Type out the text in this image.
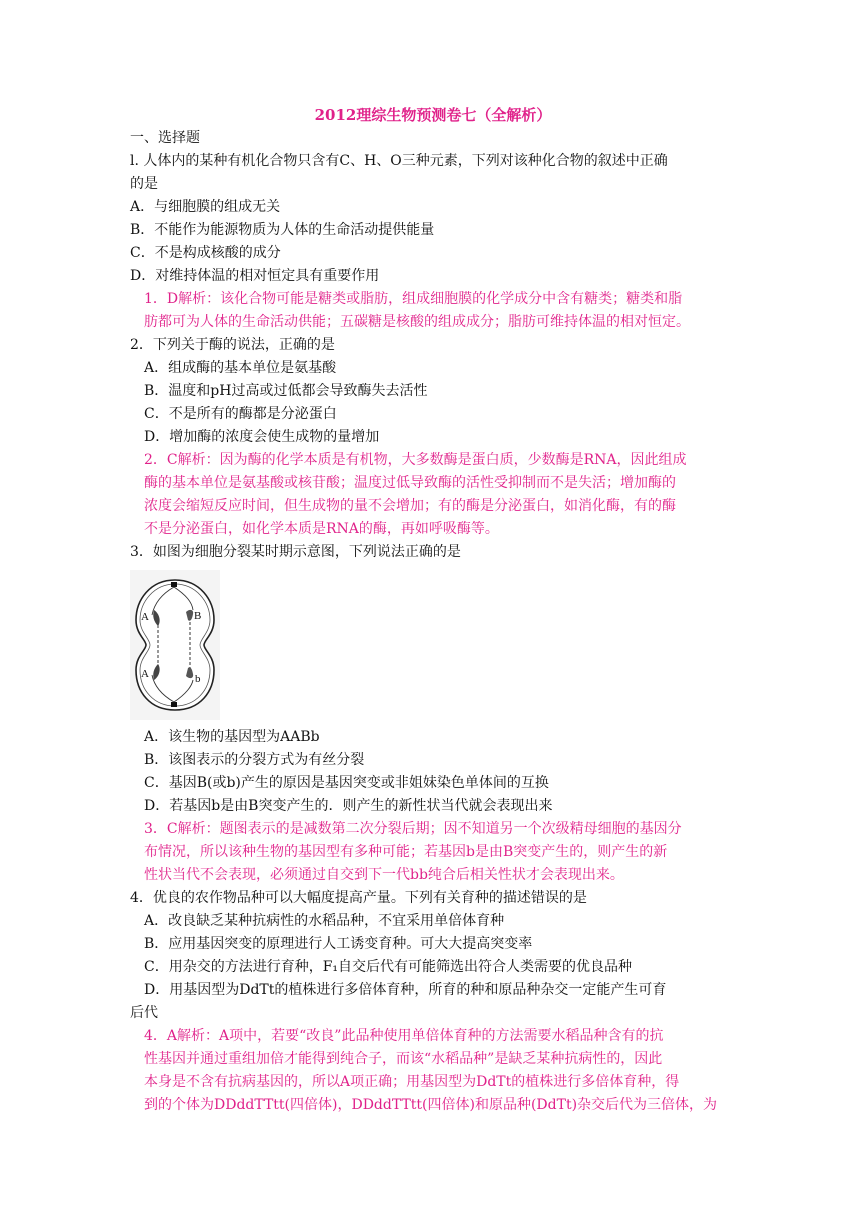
2012理综生物预测卷七（全解析）
一、选择题
l. 人体内的某种有机化合物只含有C、H、O三种元素，下列对该种化合物的叙述中正确
的是
A．与细胞膜的组成无关
B．不能作为能源物质为人体的生命活动提供能量
C．不是构成核酸的成分
D．对维持体温的相对恒定具有重要作用
1．D解析：该化合物可能是糖类或脂肪，组成细胞膜的化学成分中含有糖类；糖类和脂
肪都可为人体的生命活动供能；五碳糖是核酸的组成成分；脂肪可维持体温的相对恒定。
2．下列关于酶的说法，正确的是
A．组成酶的基本单位是氨基酸
B．温度和pH过高或过低都会导致酶失去活性
C．不是所有的酶都是分泌蛋白
D．增加酶的浓度会使生成物的量增加
2．C解析：因为酶的化学本质是有机物，大多数酶是蛋白质，少数酶是RNA，因此组成
酶的基本单位是氨基酸或核苷酸；温度过低导致酶的活性受抑制而不是失活；增加酶的
浓度会缩短反应时间，但生成物的量不会增加；有的酶是分泌蛋白，如消化酶，有的酶
不是分泌蛋白，如化学本质是RNA的酶，再如呼吸酶等。
3．如图为细胞分裂某时期示意图，下列说法正确的是
A	B
A	b
A．该生物的基因型为AABb
B．该图表示的分裂方式为有丝分裂
C．基因B(或b)产生的原因是基因突变或非姐妹染色单体间的互换
D．若基因b是由B突变产生的．则产生的新性状当代就会表现出来
3．C解析：题图表示的是减数第二次分裂后期；因不知道另一个次级精母细胞的基因分
布情况，所以该种生物的基因型有多种可能；若基因b是由B突变产生的，则产生的新
性状当代不会表现，必须通过自交到下一代bb纯合后相关性状才会表现出来。
4．优良的农作物品种可以大幅度提高产量。下列有关育种的描述错误的是
A．改良缺乏某种抗病性的水稻品种，不宜采用单倍体育种
B．应用基因突变的原理进行人工诱变育种。可大大提高突变率
C．用杂交的方法进行育种，F₁自交后代有可能筛选出符合人类需要的优良品种
D．用基因型为DdTt的植株进行多倍体育种，所育的种和原品种杂交一定能产生可育
后代
4．A解析：A项中，若要“改良”此品种使用单倍体育种的方法需要水稻品种含有的抗
性基因并通过重组加倍才能得到纯合子，而该“水稻品种”是缺乏某种抗病性的，因此
本身是不含有抗病基因的，所以A项正确；用基因型为DdTt的植株进行多倍体育种，得
到的个体为DDddTTtt(四倍体)，DDddTTtt(四倍体)和原品种(DdTt)杂交后代为三倍体，为
